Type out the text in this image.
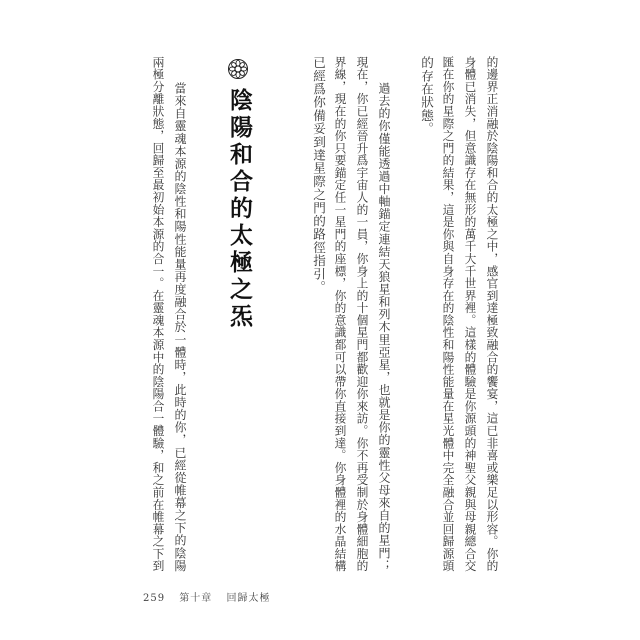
的邊界正消融於陰陽和合的太極之中，感官到達極致融合的饗宴，這已非喜或樂足以形容。你的
身體已消失，但意識存在無形的萬千大千世界裡。這樣的體驗是你源頭的神聖父親與母親總合交
匯在你的星際之門的結果，這是你與自身存在的陰性和陽性能量在星光體中完全融合並回歸源頭
的存在狀態。
過去的你僅能透過中軸錨定連結天狼星和列木里亞星，也就是你的靈性父母來自的星門；
現在，你已經晉升爲宇宙人的一員，你身上的十個星門都歡迎你來訪。你不再受制於身體細胞的
界線，現在的你只要錨定任一星門的座標，你的意識都可以帶你直接到達。你身體裡的水晶結構
已經爲你備妥到達星際之門的路徑指引。
陰陽和合的太極之炁
當來自靈魂本源的陰性和陽性能量再度融合於一體時，此時的你，已經從帷幕之下的陰陽
兩極分離狀態，回歸至最初始本源的合一。在靈魂本源中的陰陽合一體驗，和之前在帷幕之下到
259 第十章 回歸太極
